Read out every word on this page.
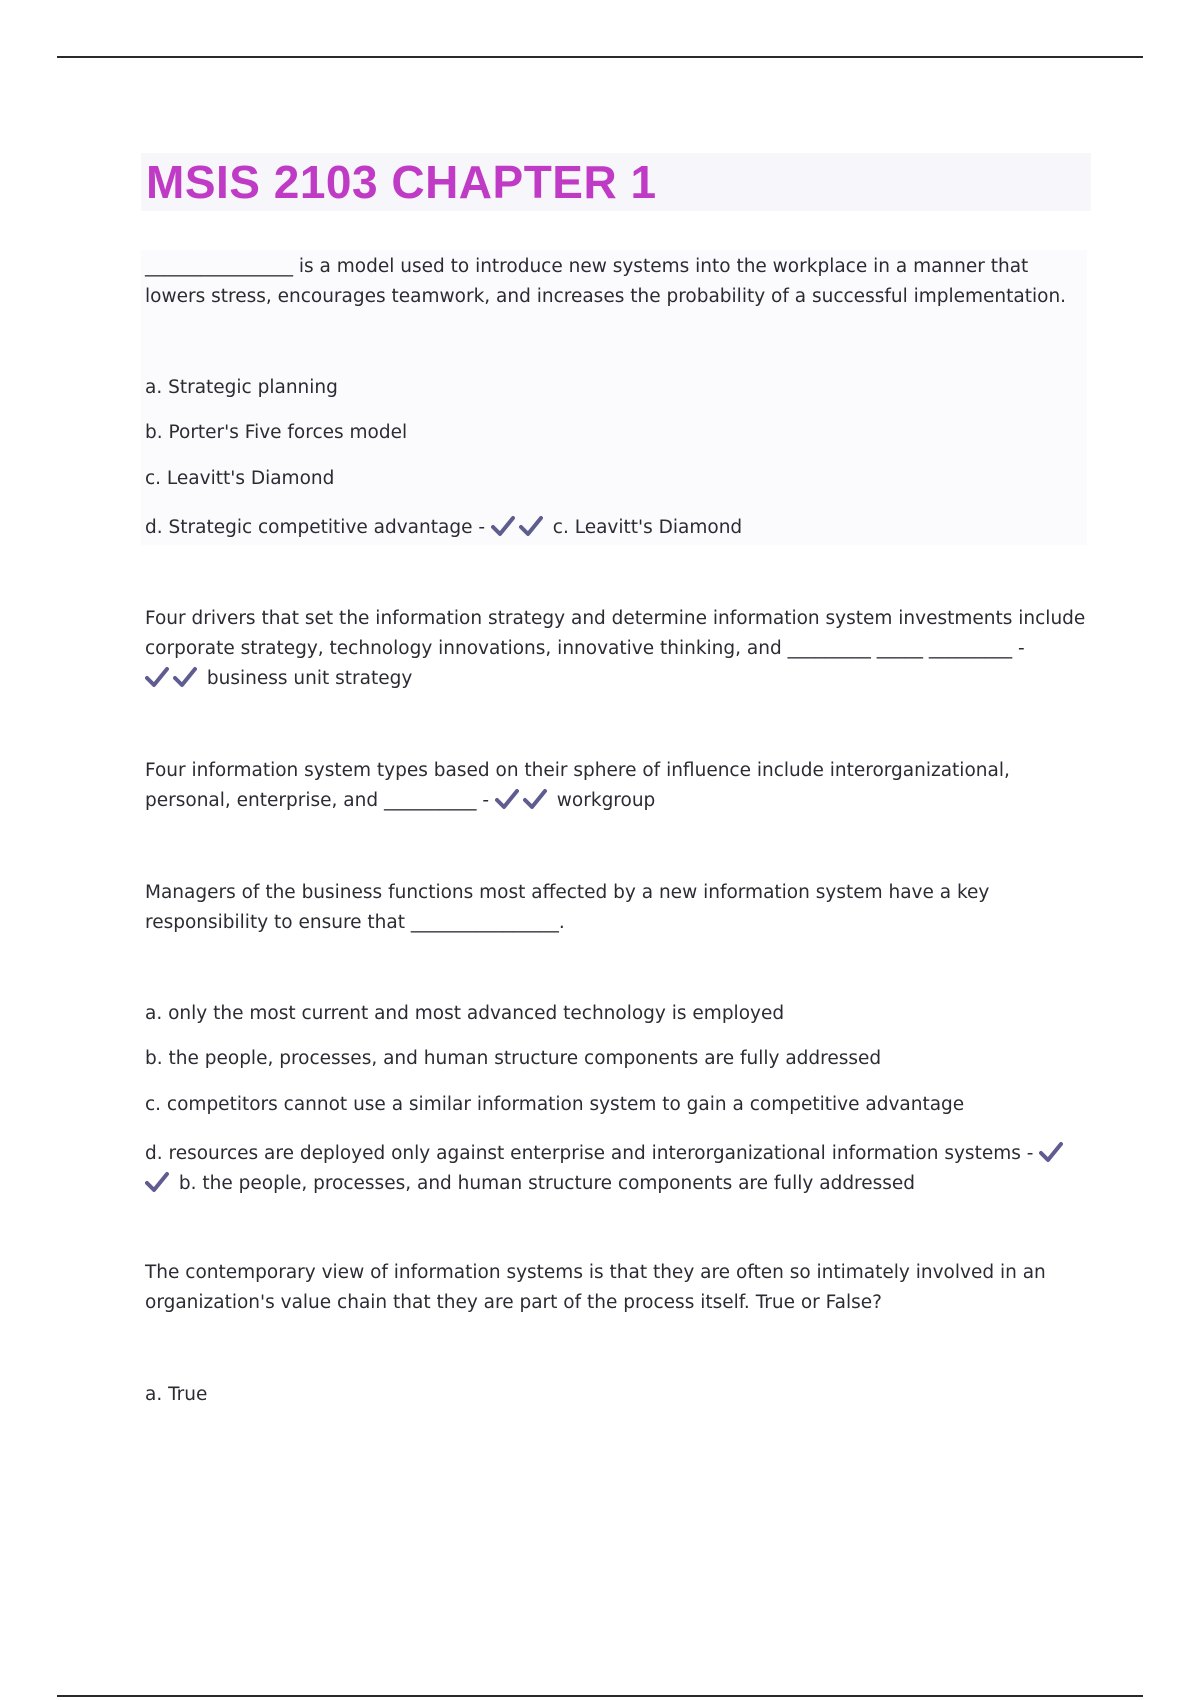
MSIS 2103 CHAPTER 1

________________ is a model used to introduce new systems into the workplace in a manner that lowers stress, encourages teamwork, and increases the probability of a successful implementation.

a. Strategic planning

b. Porter's Five forces model

c. Leavitt's Diamond

d. Strategic competitive advantage -	c. Leavitt's Diamond

Four drivers that set the information strategy and determine information system investments include corporate strategy, technology innovations, innovative thinking, and _________ _____ _________ -

business unit strategy

Four information system types based on their sphere of influence include interorganizational, personal, enterprise, and __________ -	workgroup

Managers of the business functions most affected by a new information system have a key responsibility to ensure that ________________.

a. only the most current and most advanced technology is employed

b. the people, processes, and human structure components are fully addressed

c. competitors cannot use a similar information system to gain a competitive advantage

d. resources are deployed only against enterprise and interorganizational information systems -
b. the people, processes, and human structure components are fully addressed

The contemporary view of information systems is that they are often so intimately involved in an organization's value chain that they are part of the process itself. True or False?

a. True
